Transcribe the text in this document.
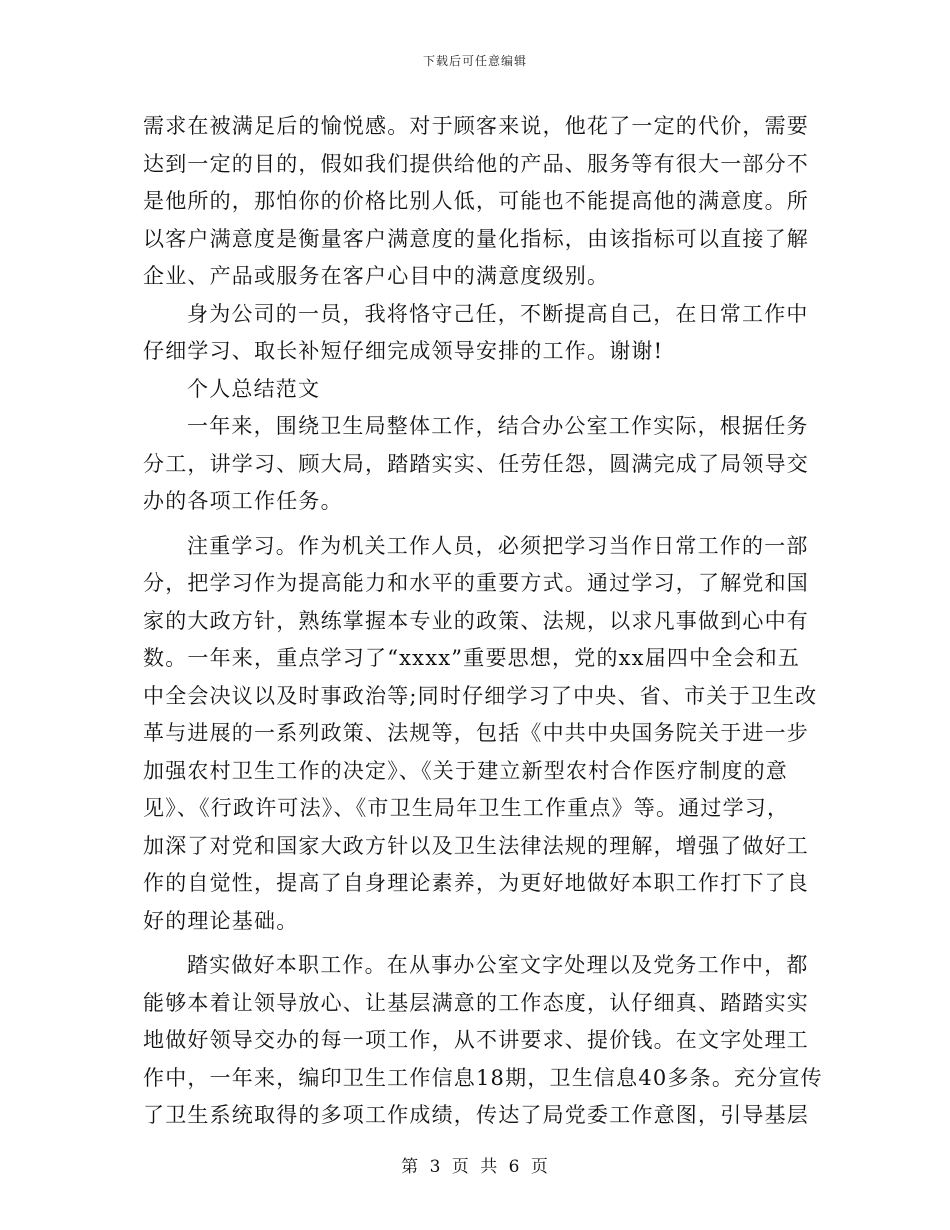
下载后可任意编辑
需求在被满足后的愉悦感。对于顾客来说，他花了一定的代价，需要
达到一定的目的，假如我们提供给他的产品、服务等有很大一部分不
是他所的，那怕你的价格比别人低，可能也不能提高他的满意度。所
以客户满意度是衡量客户满意度的量化指标，由该指标可以直接了解
企业、产品或服务在客户心目中的满意度级别。
身为公司的一员，我将恪守己任，不断提高自己，在日常工作中
仔细学习、取长补短仔细完成领导安排的工作。谢谢!
个人总结范文
一年来，围绕卫生局整体工作，结合办公室工作实际，根据任务
分工，讲学习、顾大局，踏踏实实、任劳任怨，圆满完成了局领导交
办的各项工作任务。
注重学习。作为机关工作人员，必须把学习当作日常工作的一部
分，把学习作为提高能力和水平的重要方式。通过学习，了解党和国
家的大政方针，熟练掌握本专业的政策、法规，以求凡事做到心中有
数。一年来，重点学习了“xxxx”重要思想，党的xx届四中全会和五
中全会决议以及时事政治等;同时仔细学习了中央、省、市关于卫生改
革与进展的一系列政策、法规等，包括《中共中央国务院关于进一步
加强农村卫生工作的决定》、《关于建立新型农村合作医疗制度的意
见》、《行政许可法》、《市卫生局年卫生工作重点》等。通过学习，
加深了对党和国家大政方针以及卫生法律法规的理解，增强了做好工
作的自觉性，提高了自身理论素养，为更好地做好本职工作打下了良
好的理论基础。
踏实做好本职工作。在从事办公室文字处理以及党务工作中，都
能够本着让领导放心、让基层满意的工作态度，认仔细真、踏踏实实
地做好领导交办的每一项工作，从不讲要求、提价钱。在文字处理工
作中，一年来，编印卫生工作信息18期，卫生信息40多条。充分宣传
了卫生系统取得的多项工作成绩，传达了局党委工作意图，引导基层
第 3 页 共 6 页
